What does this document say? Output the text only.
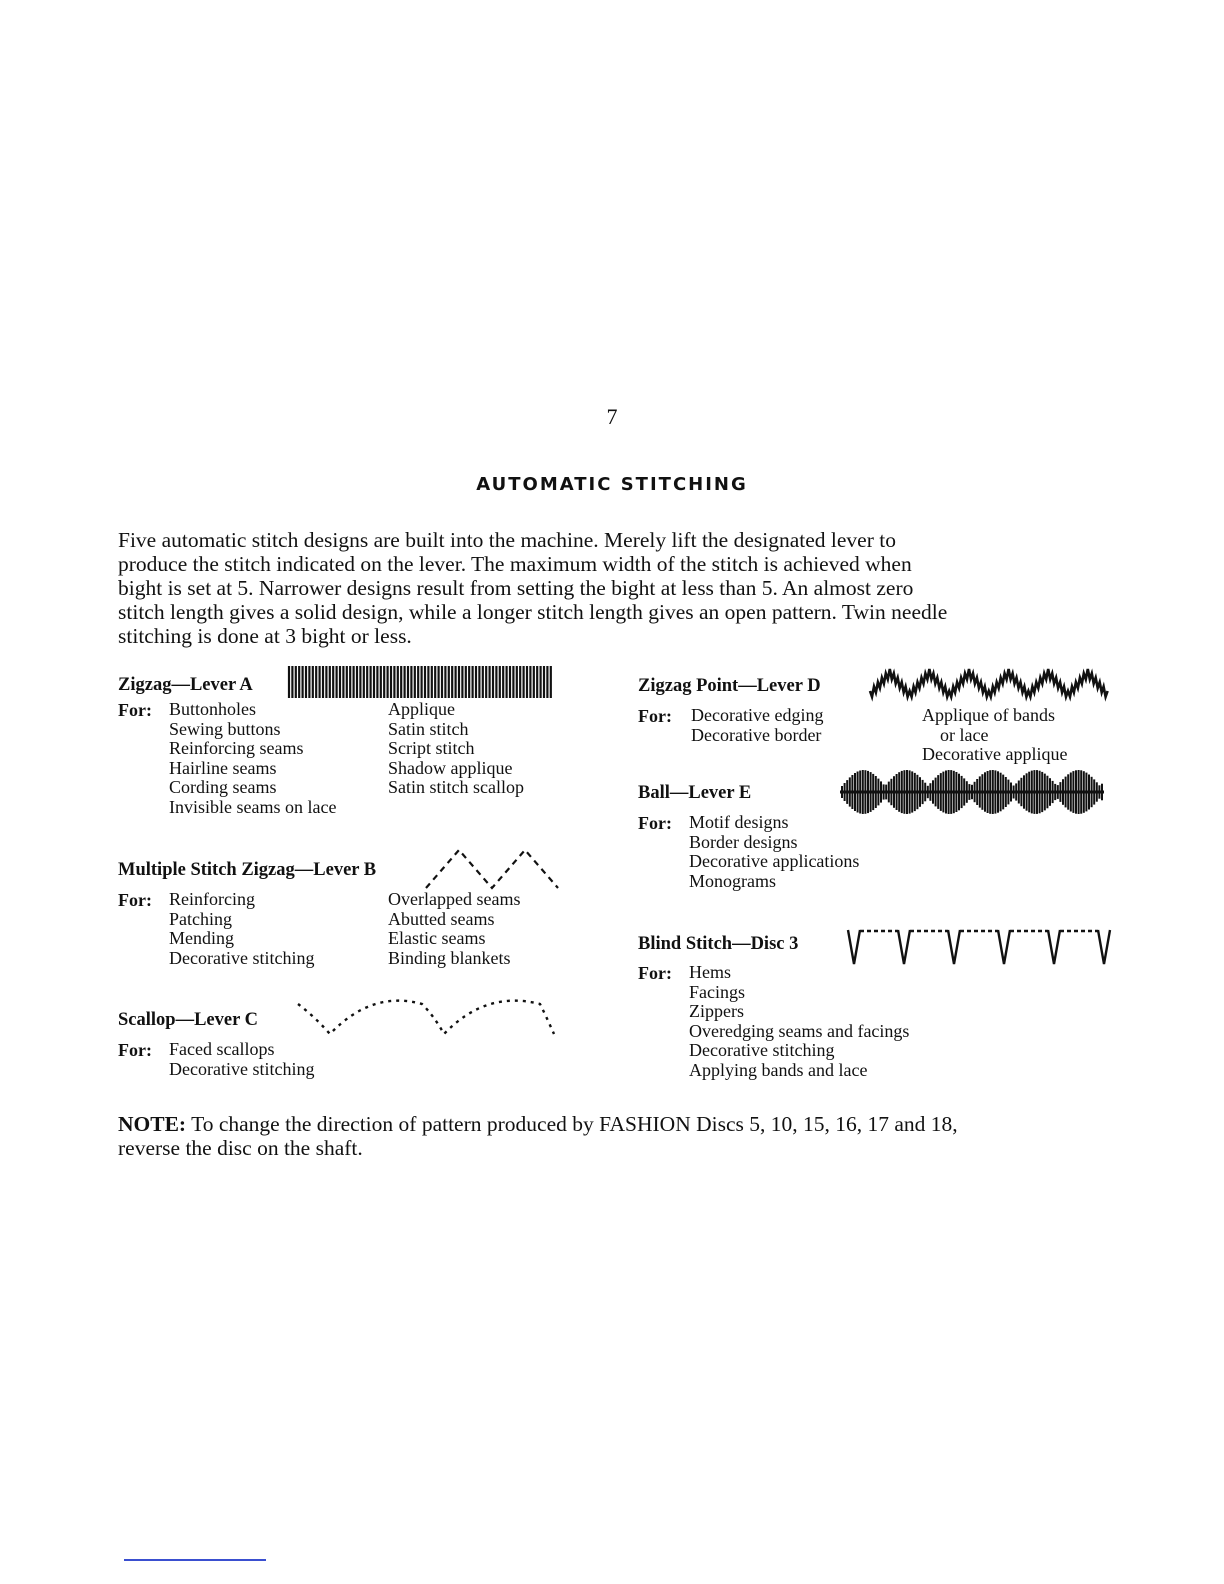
7
AUTOMATIC STITCHING
Five automatic stitch designs are built into the machine. Merely lift the designated lever to
produce the stitch indicated on the lever. The maximum width of the stitch is achieved when
bight is set at 5. Narrower designs result from setting the bight at less than 5. An almost zero
stitch length gives a solid design, while a longer stitch length gives an open pattern. Twin needle
stitching is done at 3 bight or less.
Zigzag—Lever A
For: Buttonholes
Sewing buttons
Reinforcing seams
Hairline seams
Cording seams
Invisible seams on lace
Applique
Satin stitch
Script stitch
Shadow applique
Satin stitch scallop
Multiple Stitch Zigzag—Lever B
For: Reinforcing
Patching
Mending
Decorative stitching
Overlapped seams
Abutted seams
Elastic seams
Binding blankets
Scallop—Lever C
For: Faced scallops
Decorative stitching
Zigzag Point—Lever D
For: Decorative edging
Decorative border
Applique of bands
or lace
Decorative applique
Ball—Lever E
For: Motif designs
Border designs
Decorative applications
Monograms
Blind Stitch—Disc 3
For: Hems
Facings
Zippers
Overedging seams and facings
Decorative stitching
Applying bands and lace
NOTE: To change the direction of pattern produced by FASHION Discs 5, 10, 15, 16, 17 and 18,
reverse the disc on the shaft.
